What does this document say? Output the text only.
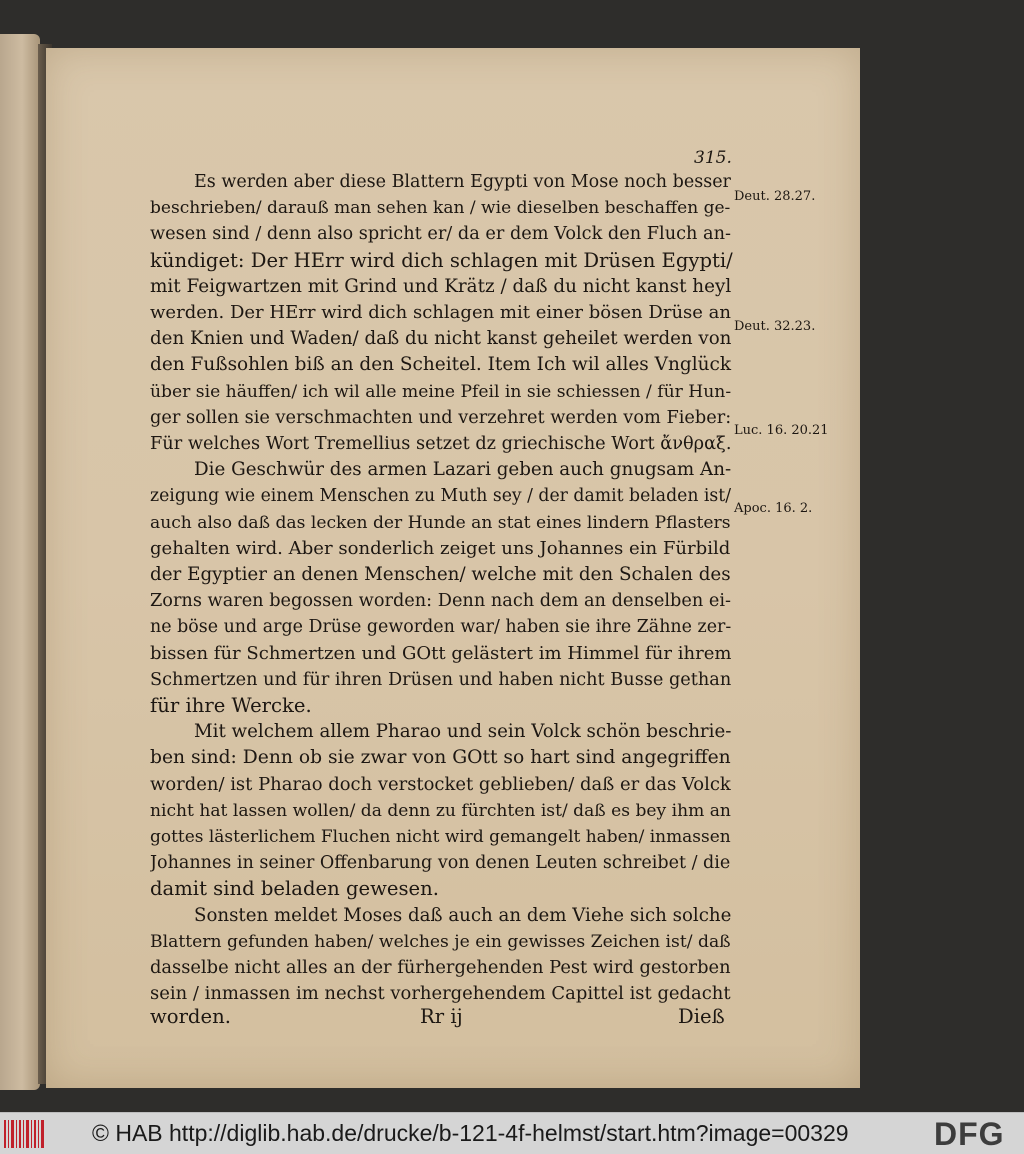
315.
Es werden aber diese Blattern Egypti von Mose noch besser
beschrieben/ darauß man sehen kan / wie dieselben beschaffen ge-
wesen sind / denn also spricht er/ da er dem Volck den Fluch an-
kündiget: Der HErr wird dich schlagen mit Drüsen Egypti/
mit Feigwartzen mit Grind und Krätz / daß du nicht kanst heyl
werden. Der HErr wird dich schlagen mit einer bösen Drüse an
den Knien und Waden/ daß du nicht kanst geheilet werden von
den Fußsohlen biß an den Scheitel. Item Ich wil alles Vnglück
über sie häuffen/ ich wil alle meine Pfeil in sie schiessen / für Hun-
ger sollen sie verschmachten und verzehret werden vom Fieber:
Für welches Wort Tremellius setzet dz griechische Wort ἄνθραξ.
Die Geschwür des armen Lazari geben auch gnugsam An-
zeigung wie einem Menschen zu Muth sey / der damit beladen ist/
auch also daß das lecken der Hunde an stat eines lindern Pflasters
gehalten wird. Aber sonderlich zeiget uns Johannes ein Fürbild
der Egyptier an denen Menschen/ welche mit den Schalen des
Zorns waren begossen worden: Denn nach dem an denselben ei-
ne böse und arge Drüse geworden war/ haben sie ihre Zähne zer-
bissen für Schmertzen und GOtt gelästert im Himmel für ihrem
Schmertzen und für ihren Drüsen und haben nicht Busse gethan
für ihre Wercke.
Mit welchem allem Pharao und sein Volck schön beschrie-
ben sind: Denn ob sie zwar von GOtt so hart sind angegriffen
worden/ ist Pharao doch verstocket geblieben/ daß er das Volck
nicht hat lassen wollen/ da denn zu fürchten ist/ daß es bey ihm an
gottes lästerlichem Fluchen nicht wird gemangelt haben/ inmassen
Johannes in seiner Offenbarung von denen Leuten schreibet / die
damit sind beladen gewesen.
Sonsten meldet Moses daß auch an dem Viehe sich solche
Blattern gefunden haben/ welches je ein gewisses Zeichen ist/ daß
dasselbe nicht alles an der fürhergehenden Pest wird gestorben
sein / inmassen im nechst vorhergehendem Capittel ist gedacht
Deut. 28.27.
Deut. 32.23.
Luc. 16. 20.21
Apoc. 16. 2.
worden.	Rr ij	Dieß
© HAB http://diglib.hab.de/drucke/b-121-4f-helmst/start.htm?image=00329	DFG
